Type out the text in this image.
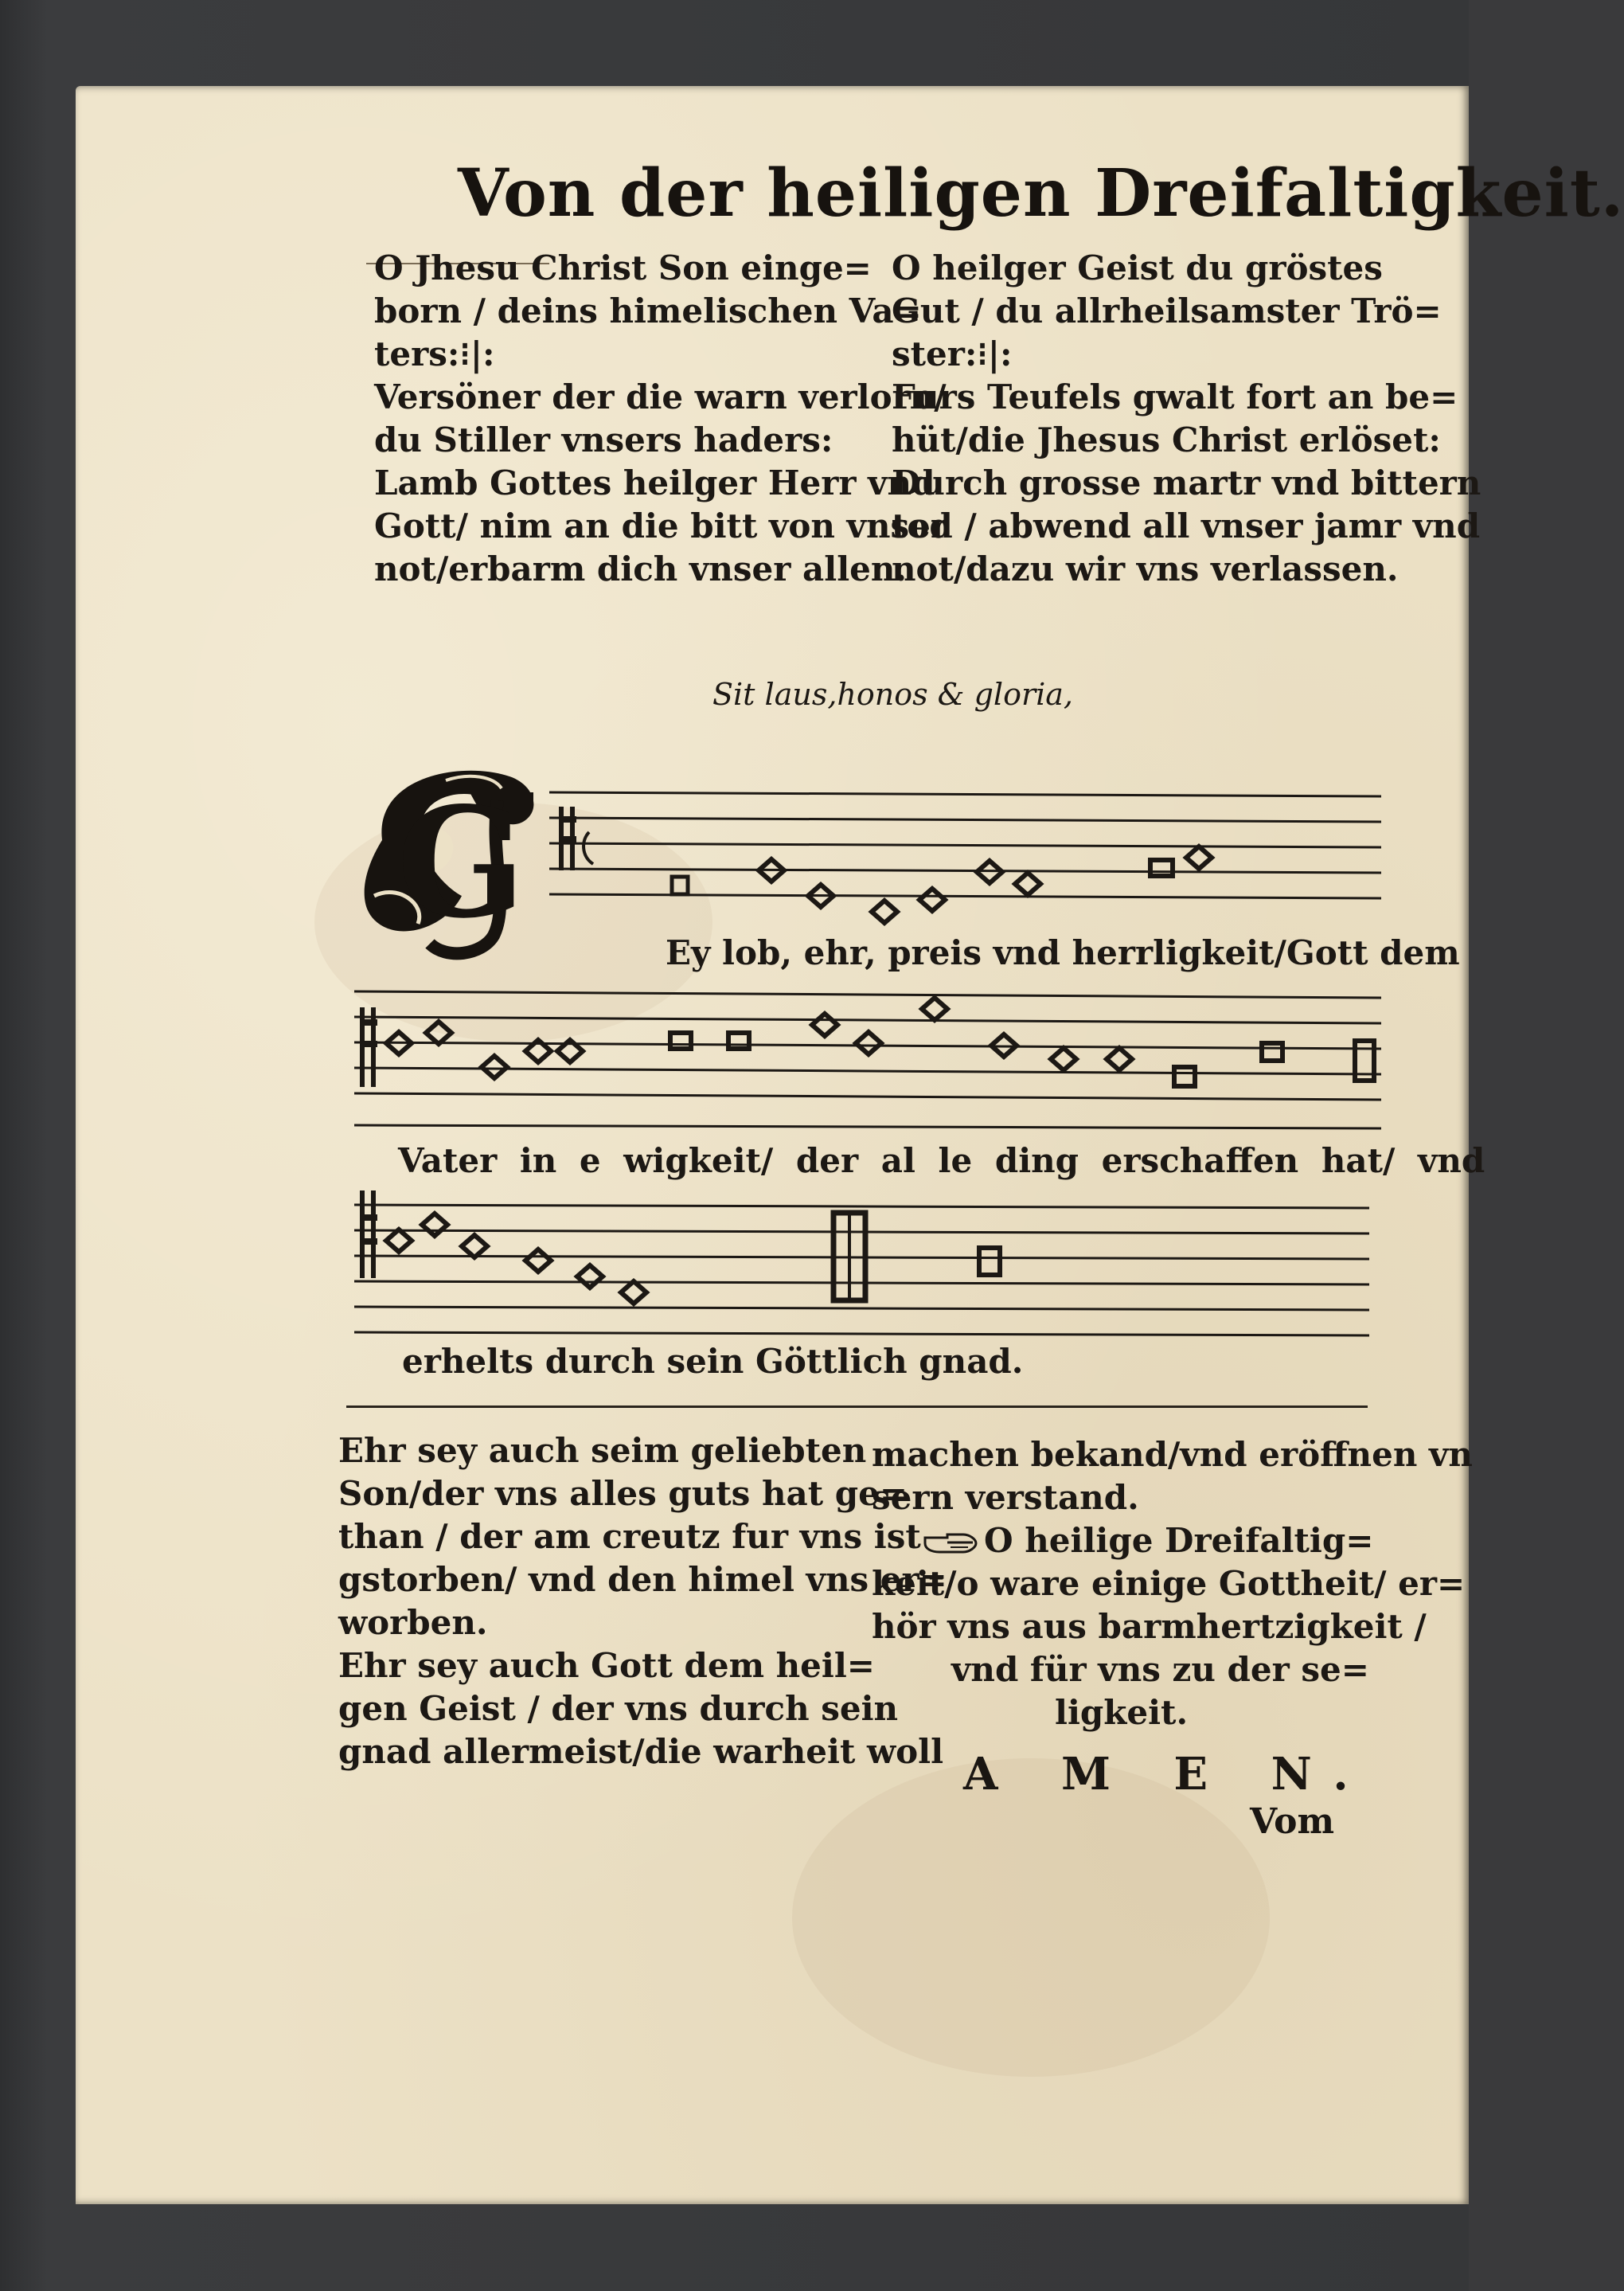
Von der heiligen Dreifaltigkeit.
O Jhesu Christ Son einge=
born / deins himelischen Va=
ters:⁝|:
Versöner der die warn verlorn/
du Stiller vnsers haders:
Lamb Gottes heilger Herr vnd
Gott/ nim an die bitt von vnser
not/erbarm dich vnser allen.
O heilger Geist du gröstes
Gut / du allrheilsamster Trö=
ster:⁝|:
Furs Teufels gwalt fort an be=
hüt/die Jhesus Christ erlöset:
Durch grosse martr vnd bittern
tod / abwend all vnser jamr vnd
not/dazu wir vns verlassen.
Sit laus,honos & gloria,
G
Ey lob, ehr, preis vnd herrligkeit/Gott dem
Vater in e wigkeit/ der al le ding erschaffen hat/ vnd
erhelts durch sein Göttlich gnad.
Ehr sey auch seim geliebten
Son/der vns alles guts hat ge=
than / der am creutz fur vns ist
gstorben/ vnd den himel vns er=
worben.
Ehr sey auch Gott dem heil=
gen Geist / der vns durch sein
gnad allermeist/die warheit woll
machen bekand/vnd eröffnen vn
sern verstand.
O heilige Dreifaltig=
keit/o ware einige Gottheit/ er=
hör vns aus barmhertzigkeit /
vnd für vns zu der se=
ligkeit.
A M E N.
Vom
